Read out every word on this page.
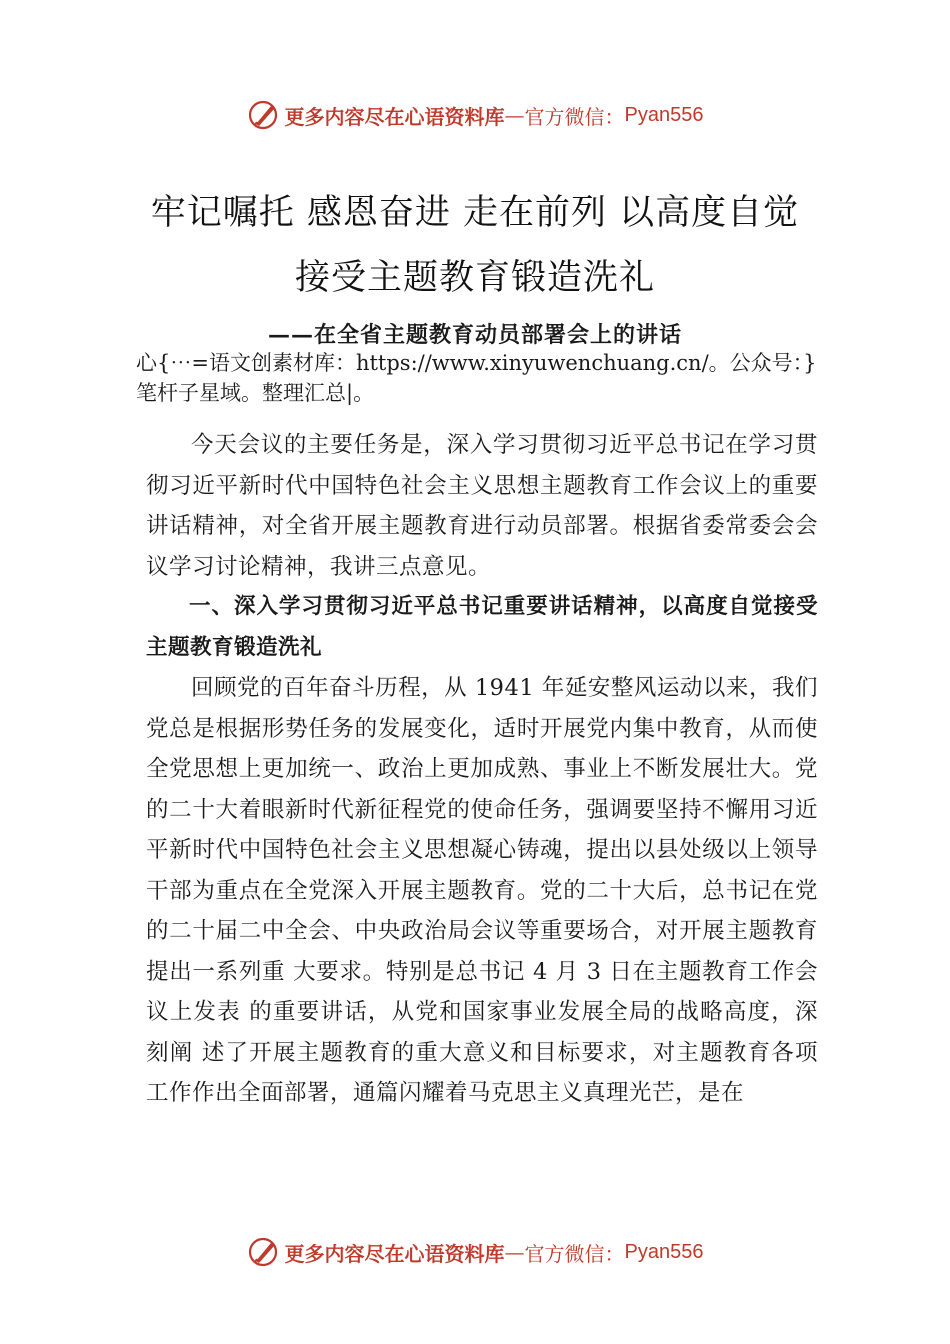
更多内容尽在心语资料库 — 官方微信： Pyan556
牢记嘱托 感恩奋进 走在前列 以高度自觉
接受主题教育锻造洗礼
——在全省主题教育动员部署会上的讲话

心{⋯=语文创素材库：https://www.xinyuwenchuang.cn/。公众号：}笔杆子星域。整理汇总|。

今天会议的主要任务是，深入学习贯彻习近平总书记在学习贯彻习近平新时代中国特色社会主义思想主题教育工作会议上的重要讲话精神，对全省开展主题教育进行动员部署。根据省委常委会会议学习讨论精神，我讲三点意见。

一、深入学习贯彻习近平总书记重要讲话精神，以高度自觉接受主题教育锻造洗礼

回顾党的百年奋斗历程，从 1941 年延安整风运动以来，我们党总是根据形势任务的发展变化，适时开展党内集中教育，从而使全党思想上更加统一、政治上更加成熟、事业上不断发展壮大。党的二十大着眼新时代新征程党的使命任务，强调要坚持不懈用习近平新时代中国特色社会主义思想凝心铸魂，提出以县处级以上领导干部为重点在全党深入开展主题教育。党的二十大后，总书记在党的二十届二中全会、中央政治局会议等重要场合，对开展主题教育提出一系列重 大要求。特别是总书记 4 月 3 日在主题教育工作会议上发表 的重要讲话，从党和国家事业发展全局的战略高度，深刻阐 述了开展主题教育的重大意义和目标要求，对主题教育各项 工作作出全面部署，通篇闪耀着马克思主义真理光芒，是在

更多内容尽在心语资料库 — 官方微信： Pyan556
